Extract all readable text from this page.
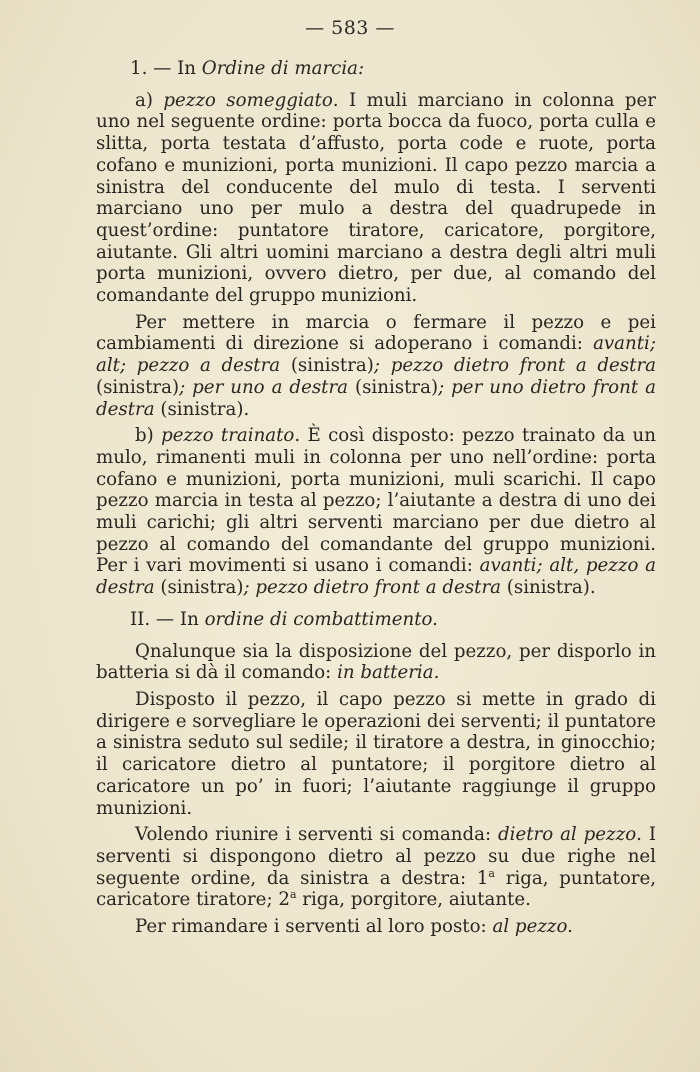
— 583 —

1. — In Ordine di marcia:

a) pezzo someggiato. I muli marciano in colonna per uno nel seguente ordine: porta bocca da fuoco, porta culla e slitta, porta testata d’affusto, porta code e ruote, porta cofano e munizioni, porta munizioni. Il capo pezzo marcia a sinistra del conducente del mulo di testa. I serventi marciano uno per mulo a destra del quadrupede in quest’ordine: puntatore tiratore, caricatore, porgitore, aiutante. Gli altri uomini marciano a destra degli altri muli porta munizioni, ovvero dietro, per due, al comando del comandante del gruppo munizioni.

Per mettere in marcia o fermare il pezzo e pei cambiamenti di direzione si adoperano i comandi: avanti; alt; pezzo a destra (sinistra); pezzo dietro front a destra (sinistra); per uno a destra (sinistra); per uno dietro front a destra (sinistra).

b) pezzo trainato. È così disposto: pezzo trainato da un mulo, rimanenti muli in colonna per uno nell’ordine: porta cofano e munizioni, porta munizioni, muli scarichi. Il capo pezzo marcia in testa al pezzo; l’aiutante a destra di uno dei muli carichi; gli altri serventi marciano per due dietro al pezzo al comando del comandante del gruppo munizioni. Per i vari movimenti si usano i comandi: avanti; alt, pezzo a destra (sinistra); pezzo dietro front a destra (sinistra).

II. — In ordine di combattimento.

Qnalunque sia la disposizione del pezzo, per disporlo in batteria si dà il comando: in batteria.

Disposto il pezzo, il capo pezzo si mette in grado di dirigere e sorvegliare le operazioni dei serventi; il puntatore a sinistra seduto sul sedile; il tiratore a destra, in ginocchio; il caricatore dietro al puntatore; il porgitore dietro al caricatore un po’ in fuori; l’aiutante raggiunge il gruppo munizioni.

Volendo riunire i serventi si comanda: dietro al pezzo. I serventi si dispongono dietro al pezzo su due righe nel seguente ordine, da sinistra a destra: 1$^a$ riga, puntatore, caricatore tiratore; 2$^a$ riga, porgitore, aiutante.

Per rimandare i serventi al loro posto: al pezzo.
